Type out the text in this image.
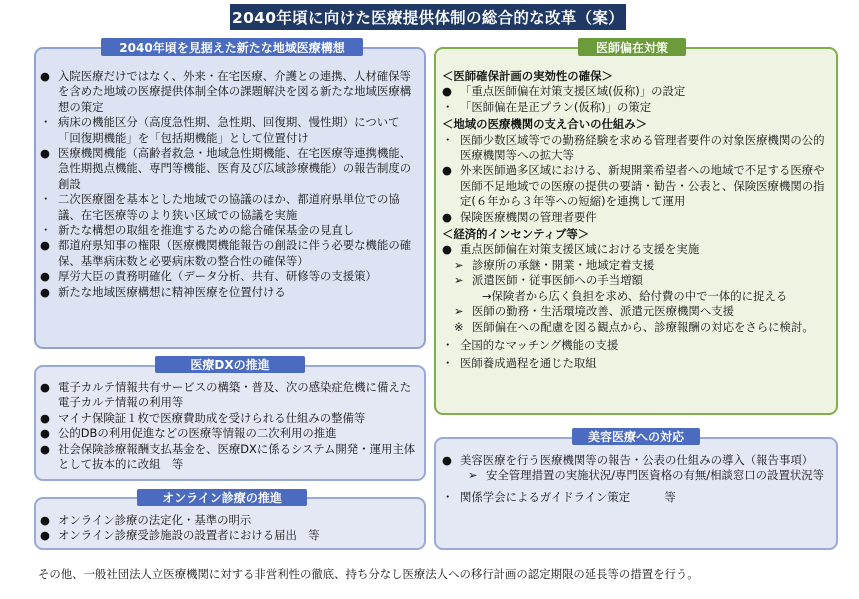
2040年頃に向けた医療提供体制の総合的な改革（案）
2040年頃を見据えた新たな地域医療構想
● 入院医療だけではなく、外来・在宅医療、介護との連携、人材確保等を含めた地域の医療提供体制全体の課題解決を図る新たな地域医療構想の策定
・ 病床の機能区分（高度急性期、急性期、回復期、慢性期）について「回復期機能」を「包括期機能」として位置付け
● 医療機関機能（高齢者救急・地域急性期機能、在宅医療等連携機能、急性期拠点機能、専門等機能、医育及び広域診療機能）の報告制度の創設
・ 二次医療圏を基本とした地域での協議のほか、都道府県単位での協議、在宅医療等のより狭い区域での協議を実施
・ 新たな構想の取組を推進するための総合確保基金の見直し
● 都道府県知事の権限（医療機関機能報告の創設に伴う必要な機能の確保、基準病床数と必要病床数の整合性の確保等）
● 厚労大臣の責務明確化（データ分析、共有、研修等の支援策）
● 新たな地域医療構想に精神医療を位置付ける
医療DXの推進
● 電子カルテ情報共有サービスの構築・普及、次の感染症危機に備えた電子カルテ情報の利用等
● マイナ保険証１枚で医療費助成を受けられる仕組みの整備等
● 公的DBの利用促進などの医療等情報の二次利用の推進
● 社会保険診療報酬支払基金を、医療DXに係るシステム開発・運用主体として抜本的に改組　等
オンライン診療の推進
● オンライン診療の法定化・基準の明示
● オンライン診療受診施設の設置者における届出　等
医師偏在対策
＜医師確保計画の実効性の確保＞
● 「重点医師偏在対策支援区域(仮称)」の設定
・ 「医師偏在是正プラン(仮称)」の策定
＜地域の医療機関の支え合いの仕組み＞
・ 医師少数区域等での勤務経験を求める管理者要件の対象医療機関の公的医療機関等への拡大等
● 外来医師過多区域における、新規開業希望者への地域で不足する医療や医師不足地域での医療の提供の要請・勧告・公表と、保険医療機関の指定(６年から３年等への短縮)を連携して運用
● 保険医療機関の管理者要件
＜経済的インセンティブ等＞
● 重点医師偏在対策支援区域における支援を実施
➢ 診療所の承継・開業・地域定着支援
➢ 派遣医師・従事医師への手当増額
→保険者から広く負担を求め、給付費の中で一体的に捉える
➢ 医師の勤務・生活環境改善、派遣元医療機関へ支援
※ 医師偏在への配慮を図る観点から、診療報酬の対応をさらに検討。
・ 全国的なマッチング機能の支援
・ 医師養成過程を通じた取組
美容医療への対応
● 美容医療を行う医療機関等の報告・公表の仕組みの導入（報告事項）
➢ 安全管理措置の実施状況/専門医資格の有無/相談窓口の設置状況等
・ 関係学会によるガイドライン策定　　　等
その他、一般社団法人立医療機関に対する非営利性の徹底、持ち分なし医療法人への移行計画の認定期限の延長等の措置を行う。
